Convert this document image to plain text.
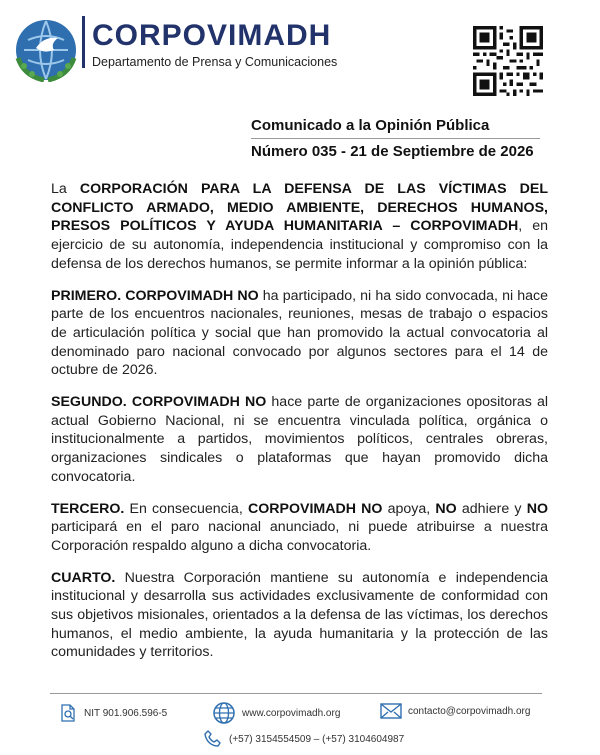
CORPOVIMADH
Departamento de Prensa y Comunicaciones
Comunicado a la Opinión Pública
Número 035 - 21 de Septiembre de 2026

La CORPORACIÓN PARA LA DEFENSA DE LAS VÍCTIMAS DEL CONFLICTO ARMADO, MEDIO AMBIENTE, DERECHOS HUMANOS, PRESOS POLÍTICOS Y AYUDA HUMANITARIA – CORPOVIMADH, en ejercicio de su autonomía, independencia institucional y compromiso con la defensa de los derechos humanos, se permite informar a la opinión pública:

PRIMERO. CORPOVIMADH NO ha participado, ni ha sido convocada, ni hace parte de los encuentros nacionales, reuniones, mesas de trabajo o espacios de articulación política y social que han promovido la actual convocatoria al denominado paro nacional convocado por algunos sectores para el 14 de octubre de 2026.

SEGUNDO. CORPOVIMADH NO hace parte de organizaciones opositoras al actual Gobierno Nacional, ni se encuentra vinculada política, orgánica o institucionalmente a partidos, movimientos políticos, centrales obreras, organizaciones sindicales o plataformas que hayan promovido dicha convocatoria.

TERCERO. En consecuencia, CORPOVIMADH NO apoya, NO adhiere y NO participará en el paro nacional anunciado, ni puede atribuirse a nuestra Corporación respaldo alguno a dicha convocatoria.

CUARTO. Nuestra Corporación mantiene su autonomía e independencia institucional y desarrolla sus actividades exclusivamente de conformidad con sus objetivos misionales, orientados a la defensa de las víctimas, los derechos humanos, el medio ambiente, la ayuda humanitaria y la protección de las comunidades y territorios.

NIT 901.906.596-5	www.corpovimadh.org	contacto@corpovimadh.org
(+57) 3154554509 – (+57) 3104604987
